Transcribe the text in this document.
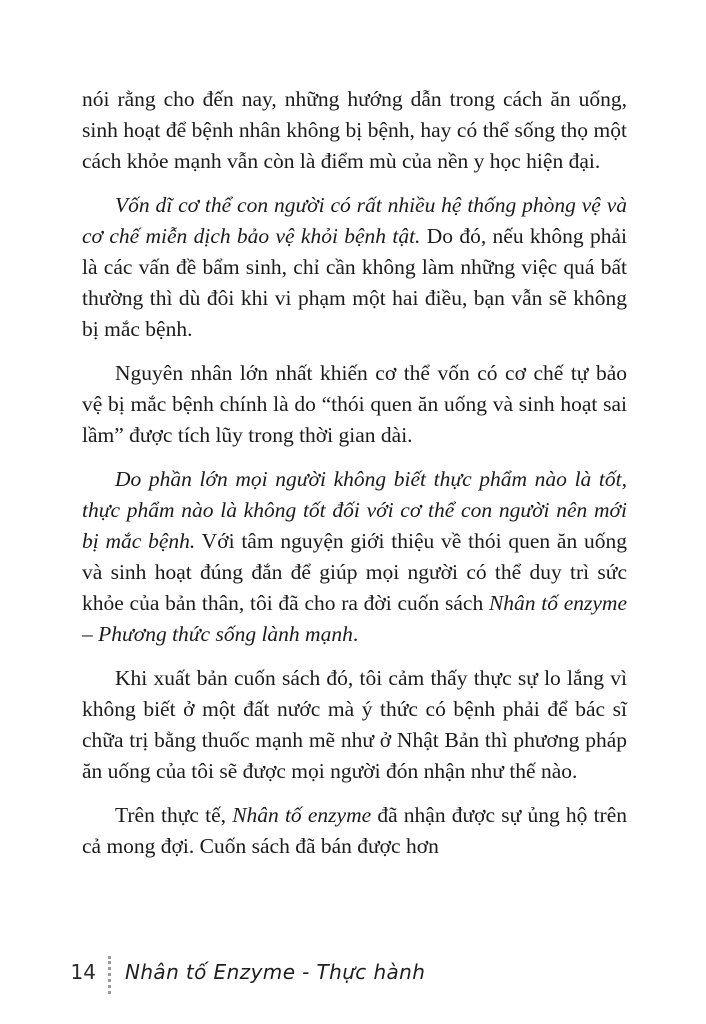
nói rằng cho đến nay, những hướng dẫn trong cách ăn uống, sinh hoạt để bệnh nhân không bị bệnh, hay có thể sống thọ một cách khỏe mạnh vẫn còn là điểm mù của nền y học hiện đại.

Vốn dĩ cơ thể con người có rất nhiều hệ thống phòng vệ và cơ chế miễn dịch bảo vệ khỏi bệnh tật. Do đó, nếu không phải là các vấn đề bẩm sinh, chỉ cần không làm những việc quá bất thường thì dù đôi khi vi phạm một hai điều, bạn vẫn sẽ không bị mắc bệnh.

Nguyên nhân lớn nhất khiến cơ thể vốn có cơ chế tự bảo vệ bị mắc bệnh chính là do “thói quen ăn uống và sinh hoạt sai lầm” được tích lũy trong thời gian dài.

Do phần lớn mọi người không biết thực phẩm nào là tốt, thực phẩm nào là không tốt đối với cơ thể con người nên mới bị mắc bệnh. Với tâm nguyện giới thiệu về thói quen ăn uống và sinh hoạt đúng đắn để giúp mọi người có thể duy trì sức khỏe của bản thân, tôi đã cho ra đời cuốn sách Nhân tố enzyme – Phương thức sống lành mạnh.

Khi xuất bản cuốn sách đó, tôi cảm thấy thực sự lo lắng vì không biết ở một đất nước mà ý thức có bệnh phải để bác sĩ chữa trị bằng thuốc mạnh mẽ như ở Nhật Bản thì phương pháp ăn uống của tôi sẽ được mọi người đón nhận như thế nào.

Trên thực tế, Nhân tố enzyme đã nhận được sự ủng hộ trên cả mong đợi. Cuốn sách đã bán được hơn

14 Nhân tố Enzyme - Thực hành
